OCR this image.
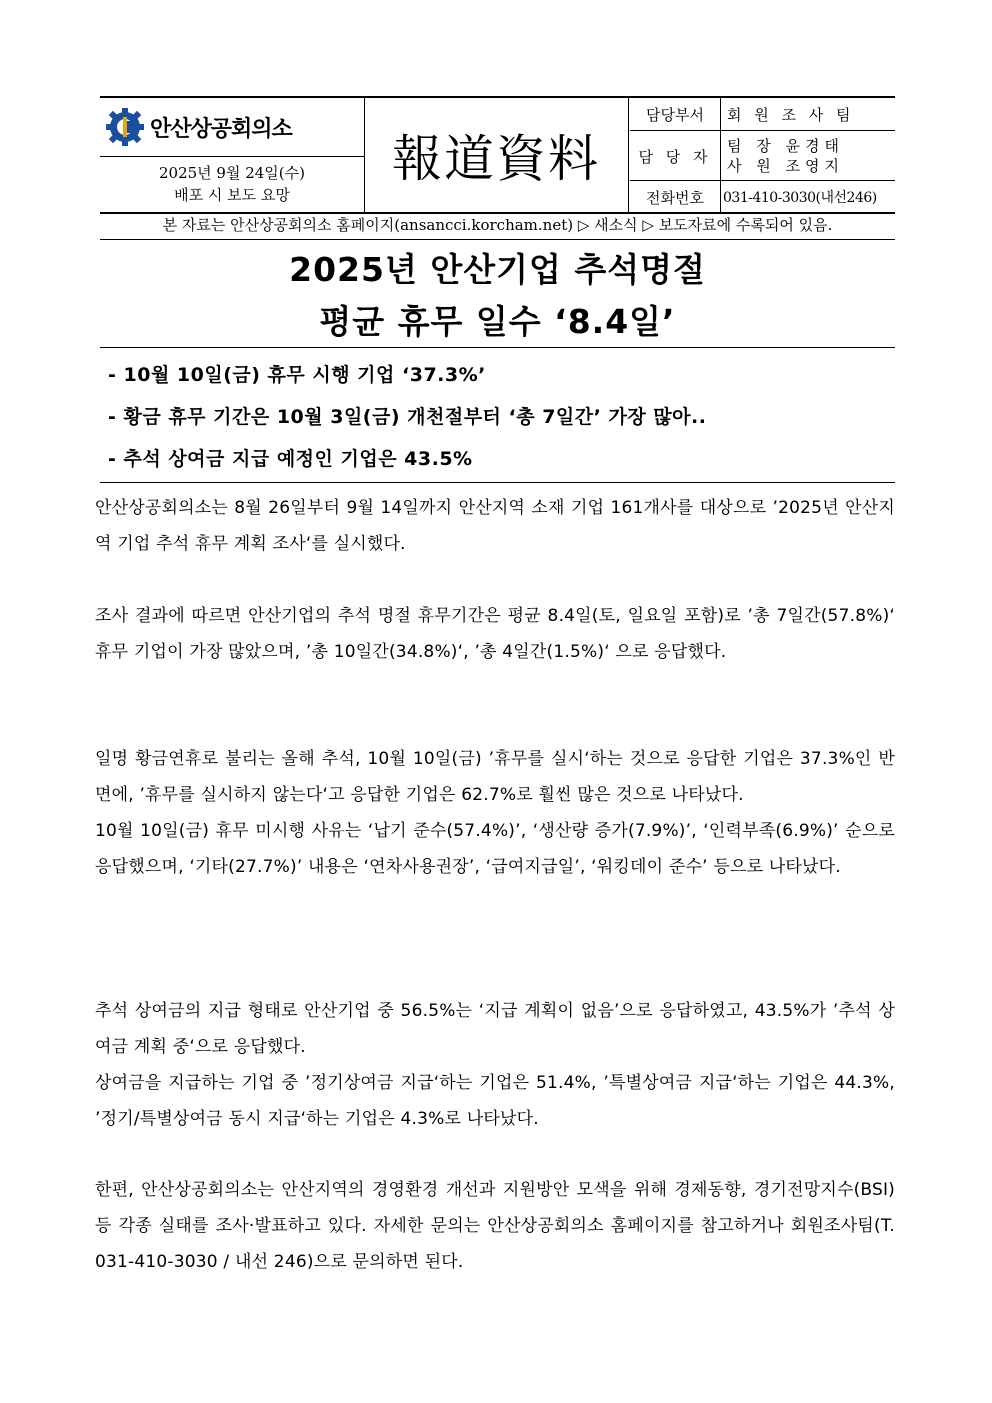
안산상공회의소
2025년 9월 24일(수)
배포 시 보도 요망
報道資料
담당부서	회 원 조 사 팀
담 당 자
팀 장 윤경태
사 원 조영지
전화번호	031-410-3030(내선246)
본 자료는 안산상공회의소 홈페이지(ansancci.korcham.net) ▷ 새소식 ▷ 보도자료에 수록되어 있음.
2025년 안산기업 추석명절
평균 휴무 일수 ‘8.4일’
- 10월 10일(금) 휴무 시행 기업 ‘37.3%’
- 황금 휴무 기간은 10월 3일(금) 개천절부터 ‘총 7일간’ 가장 많아..
- 추석 상여금 지급 예정인 기업은 43.5%

안산상공회의소는 8월 26일부터 9월 14일까지 안산지역 소재 기업 161개사를 대상으로 ’2025년 안산지역 기업 추석 휴무 계획 조사‘를 실시했다.

조사 결과에 따르면 안산기업의 추석 명절 휴무기간은 평균 8.4일(토, 일요일 포함)로 ’총 7일간(57.8%)‘ 휴무 기업이 가장 많았으며, ’총 10일간(34.8%)‘, ’총 4일간(1.5%)‘ 으로 응답했다.

일명 황금연휴로 불리는 올해 추석, 10월 10일(금) ’휴무를 실시‘하는 것으로 응답한 기업은 37.3%인 반면에, ’휴무를 실시하지 않는다‘고 응답한 기업은 62.7%로 훨씬 많은 것으로 나타났다.

10월 10일(금) 휴무 미시행 사유는 ‘납기 준수(57.4%)’, ‘생산량 증가(7.9%)’, ‘인력부족(6.9%)’ 순으로 응답했으며, ‘기타(27.7%)’ 내용은 ‘연차사용권장’, ‘급여지급일’, ‘워킹데이 준수’ 등으로 나타났다.

추석 상여금의 지급 형태로 안산기업 중 56.5%는 ‘지급 계획이 없음’으로 응답하였고, 43.5%가 ’추석 상여금 계획 중‘으로 응답했다.

상여금을 지급하는 기업 중 ’정기상여금 지급‘하는 기업은 51.4%, ’특별상여금 지급‘하는 기업은 44.3%, ’정기/특별상여금 동시 지급‘하는 기업은 4.3%로 나타났다.

한편, 안산상공회의소는 안산지역의 경영환경 개선과 지원방안 모색을 위해 경제동향, 경기전망지수(BSI) 등 각종 실태를 조사·발표하고 있다. 자세한 문의는 안산상공회의소 홈페이지를 참고하거나 회원조사팀(T. 031-410-3030 / 내선 246)으로 문의하면 된다.
